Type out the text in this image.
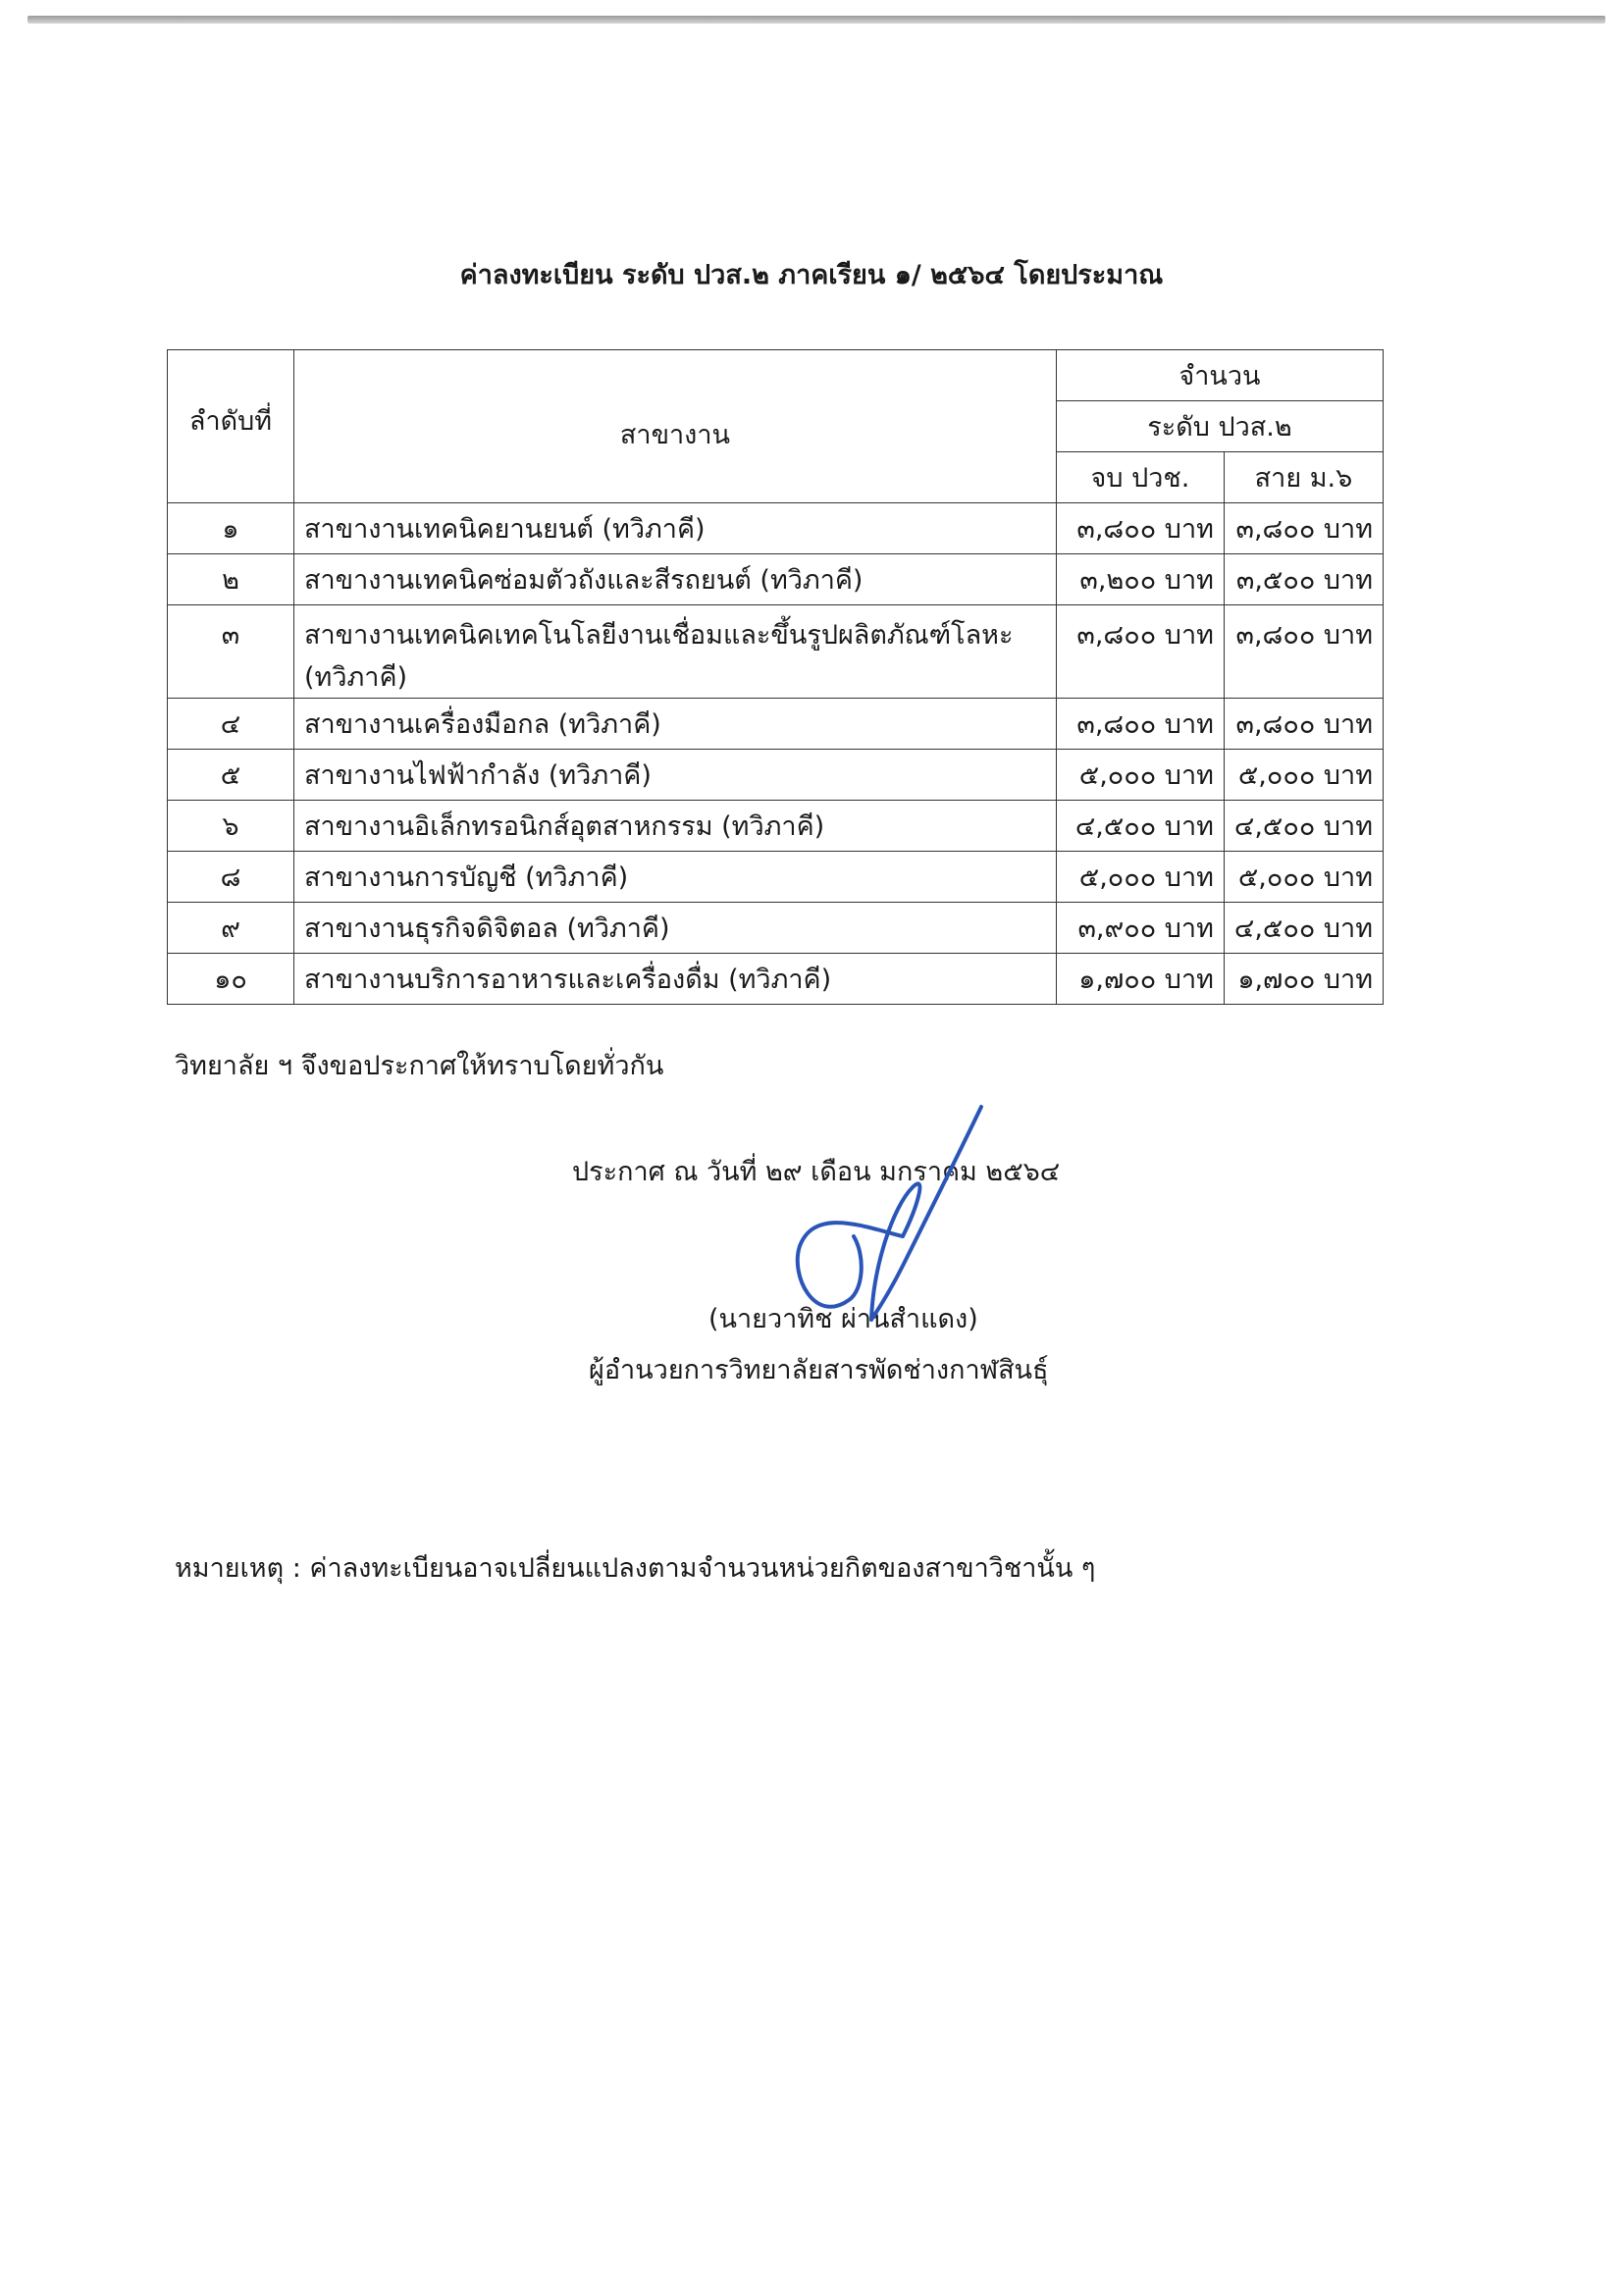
ค่าลงทะเบียน ระดับ ปวส.๒ ภาคเรียน ๑/ ๒๕๖๔ โดยประมาณ
ลำดับที่	สาขางาน	จำนวน	
		ระดับ ปวส.๒	
		จบ ปวช.	สาย ม.๖
๑	สาขางานเทคนิคยานยนต์ (ทวิภาคี)	๓,๘๐๐ บาท	๓,๘๐๐ บาท
๒	สาขางานเทคนิคซ่อมตัวถังและสีรถยนต์ (ทวิภาคี)	๓,๒๐๐ บาท	๓,๕๐๐ บาท
๓	สาขางานเทคนิคเทคโนโลยีงานเชื่อมและขึ้นรูปผลิตภัณฑ์โลหะ (ทวิภาคี)	๓,๘๐๐ บาท	๓,๘๐๐ บาท
๔	สาขางานเครื่องมือกล (ทวิภาคี)	๓,๘๐๐ บาท	๓,๘๐๐ บาท
๕	สาขางานไฟฟ้ากำลัง (ทวิภาคี)	๕,๐๐๐ บาท	๕,๐๐๐ บาท
๖	สาขางานอิเล็กทรอนิกส์อุตสาหกรรม (ทวิภาคี)	๔,๕๐๐ บาท	๔,๕๐๐ บาท
๘	สาขางานการบัญชี (ทวิภาคี)	๕,๐๐๐ บาท	๕,๐๐๐ บาท
๙	สาขางานธุรกิจดิจิตอล (ทวิภาคี)	๓,๙๐๐ บาท	๔,๕๐๐ บาท
๑๐	สาขางานบริการอาหารและเครื่องดื่ม (ทวิภาคี)	๑,๗๐๐ บาท	๑,๗๐๐ บาท
วิทยาลัย ฯ จึงขอประกาศให้ทราบโดยทั่วกัน
ประกาศ ณ วันที่ ๒๙ เดือน มกราคม ๒๕๖๔
(นายวาทิช ผ่านสำแดง)
ผู้อำนวยการวิทยาลัยสารพัดช่างกาฬสินธุ์
หมายเหตุ : ค่าลงทะเบียนอาจเปลี่ยนแปลงตามจำนวนหน่วยกิตของสาขาวิชานั้น ๆ
